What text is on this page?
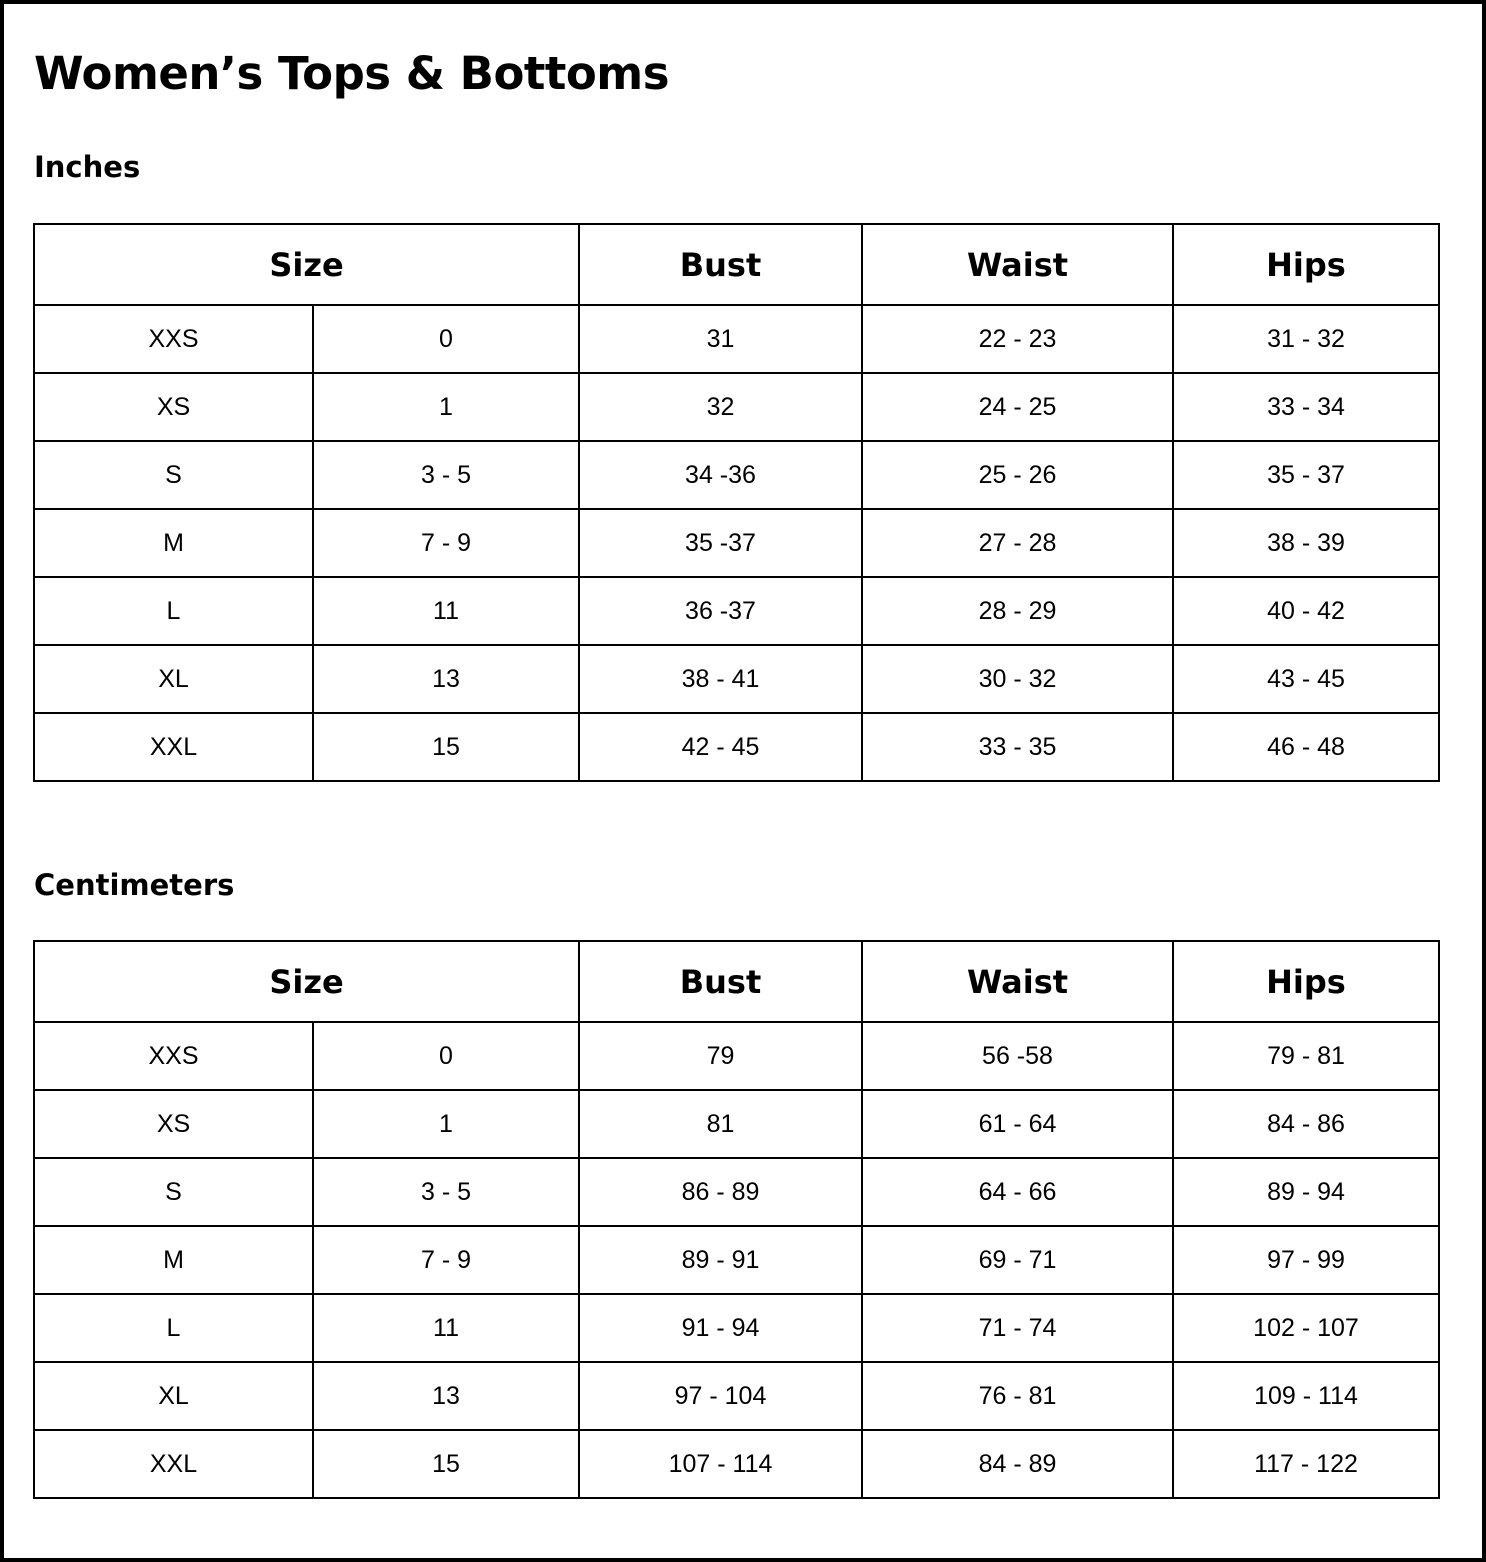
Women’s Tops & Bottoms
Inches
Size		Bust	Waist	Hips
XXS	0	31	22 - 23	31 - 32
XS	1	32	24 - 25	33 - 34
S	3 - 5	34 -36	25 - 26	35 - 37
M	7 - 9	35 -37	27 - 28	38 - 39
L	11	36 -37	28 - 29	40 - 42
XL	13	38 - 41	30 - 32	43 - 45
XXL	15	42 - 45	33 - 35	46 - 48
Centimeters
Size		Bust	Waist	Hips
XXS	0	79	56 -58	79 - 81
XS	1	81	61 - 64	84 - 86
S	3 - 5	86 - 89	64 - 66	89 - 94
M	7 - 9	89 - 91	69 - 71	97 - 99
L	11	91 - 94	71 - 74	102 - 107
XL	13	97 - 104	76 - 81	109 - 114
XXL	15	107 - 114	84 - 89	117 - 122
